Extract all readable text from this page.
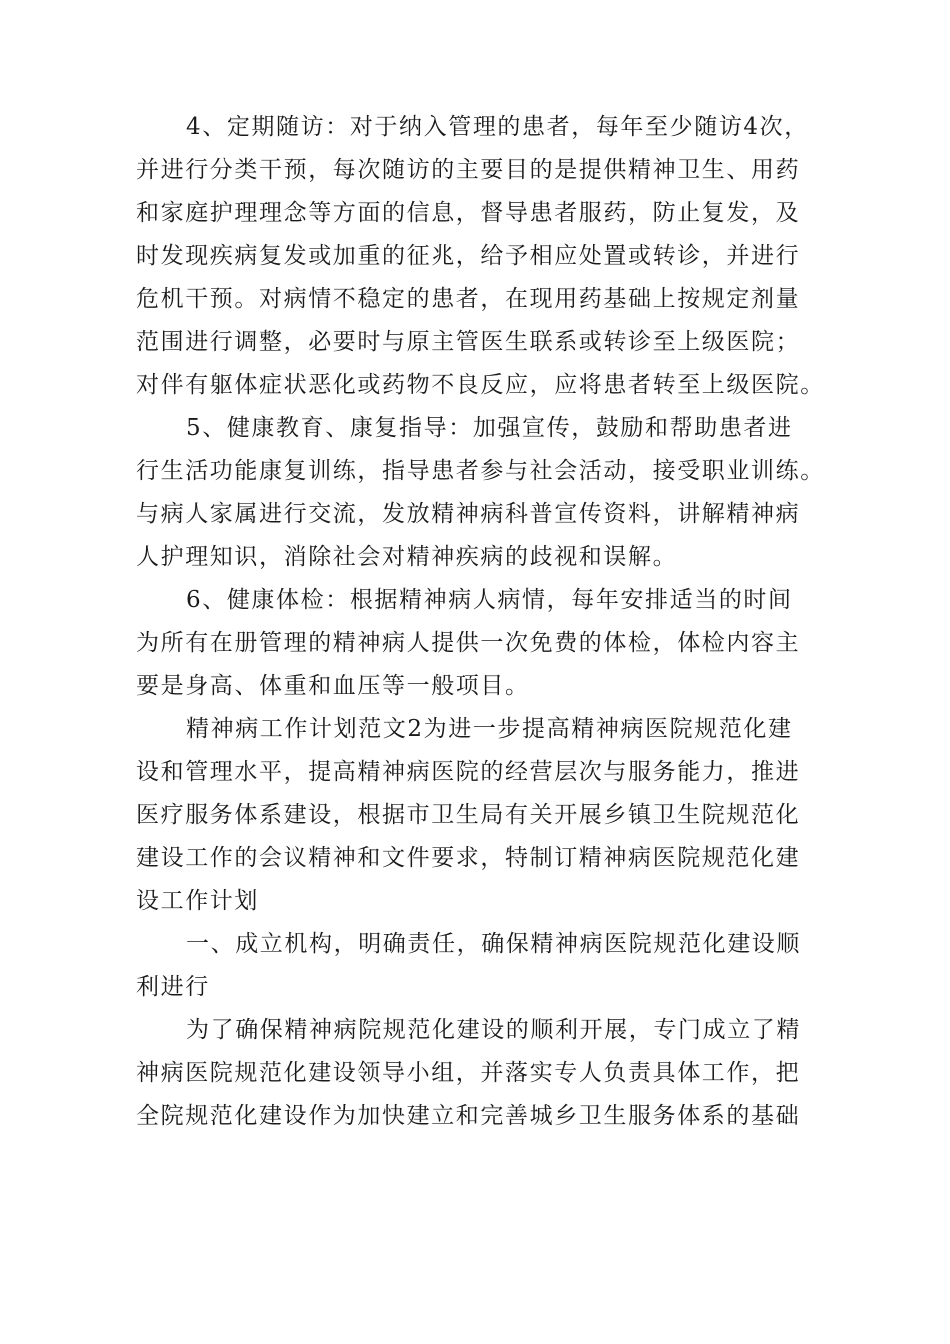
4、定期随访：对于纳入管理的患者，每年至少随访4次，
并进行分类干预，每次随访的主要目的是提供精神卫生、用药
和家庭护理理念等方面的信息，督导患者服药，防止复发，及
时发现疾病复发或加重的征兆，给予相应处置或转诊，并进行
危机干预。对病情不稳定的患者，在现用药基础上按规定剂量
范围进行调整，必要时与原主管医生联系或转诊至上级医院；
对伴有躯体症状恶化或药物不良反应，应将患者转至上级医院。

5、健康教育、康复指导：加强宣传，鼓励和帮助患者进
行生活功能康复训练，指导患者参与社会活动，接受职业训练。
与病人家属进行交流，发放精神病科普宣传资料，讲解精神病
人护理知识，消除社会对精神疾病的歧视和误解。

6、健康体检：根据精神病人病情，每年安排适当的时间
为所有在册管理的精神病人提供一次免费的体检，体检内容主
要是身高、体重和血压等一般项目。

精神病工作计划范文2为进一步提高精神病医院规范化建
设和管理水平，提高精神病医院的经营层次与服务能力，推进
医疗服务体系建设，根据市卫生局有关开展乡镇卫生院规范化
建设工作的会议精神和文件要求，特制订精神病医院规范化建
设工作计划

一、成立机构，明确责任，确保精神病医院规范化建设顺
利进行

为了确保精神病院规范化建设的顺利开展，专门成立了精
神病医院规范化建设领导小组，并落实专人负责具体工作，把
全院规范化建设作为加快建立和完善城乡卫生服务体系的基础
